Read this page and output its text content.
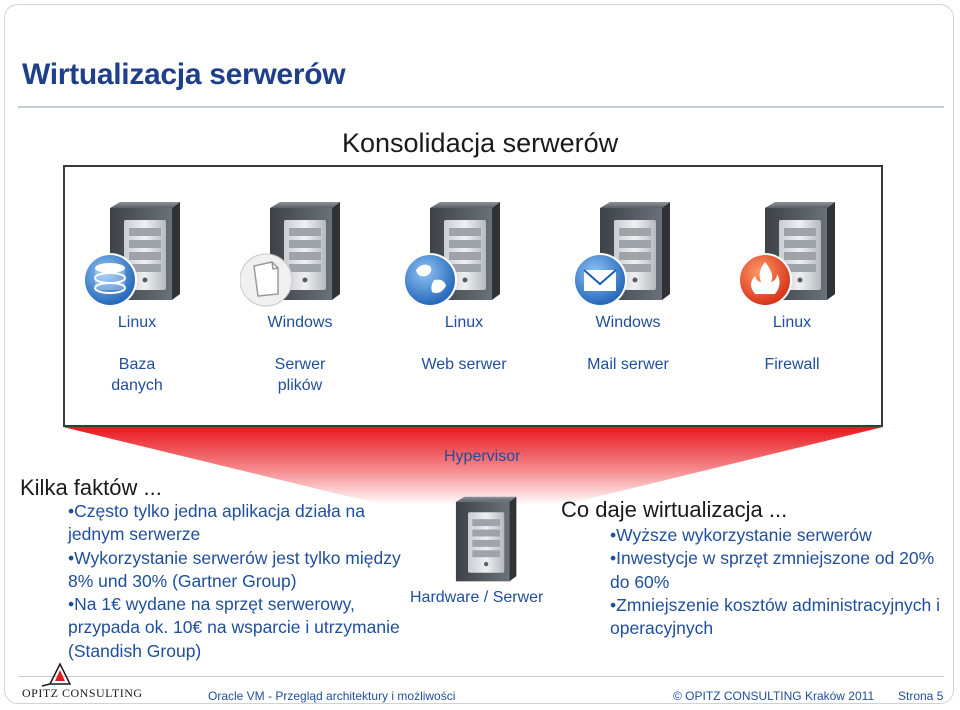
Wirtualizacja serwerów
Konsolidacja serwerów
Linux
Baza
danych
Windows
Serwer
plików
Linux
Web serwer
Windows
Mail serwer
Linux
Firewall
Hypervisor
Hardware / Serwer
Kilka faktów ...
• Często tylko jedna aplikacja działa na jednym serwerze
• Wykorzystanie serwerów jest tylko między 8% und 30% (Gartner Group)
• Na 1€ wydane na sprzęt serwerowy, przypada ok. 10€ na wsparcie i utrzymanie (Standish Group)
Co daje wirtualizacja ...
• Wyższe wykorzystanie serwerów
• Inwestycje w sprzęt zmniejszone od 20% do 60%
• Zmniejszenie kosztów administracyjnych i operacyjnych
OPITZ CONSULTING	Oracle VM - Przegląd architektury i możliwości	© OPITZ CONSULTING Kraków 2011 Strona 5
